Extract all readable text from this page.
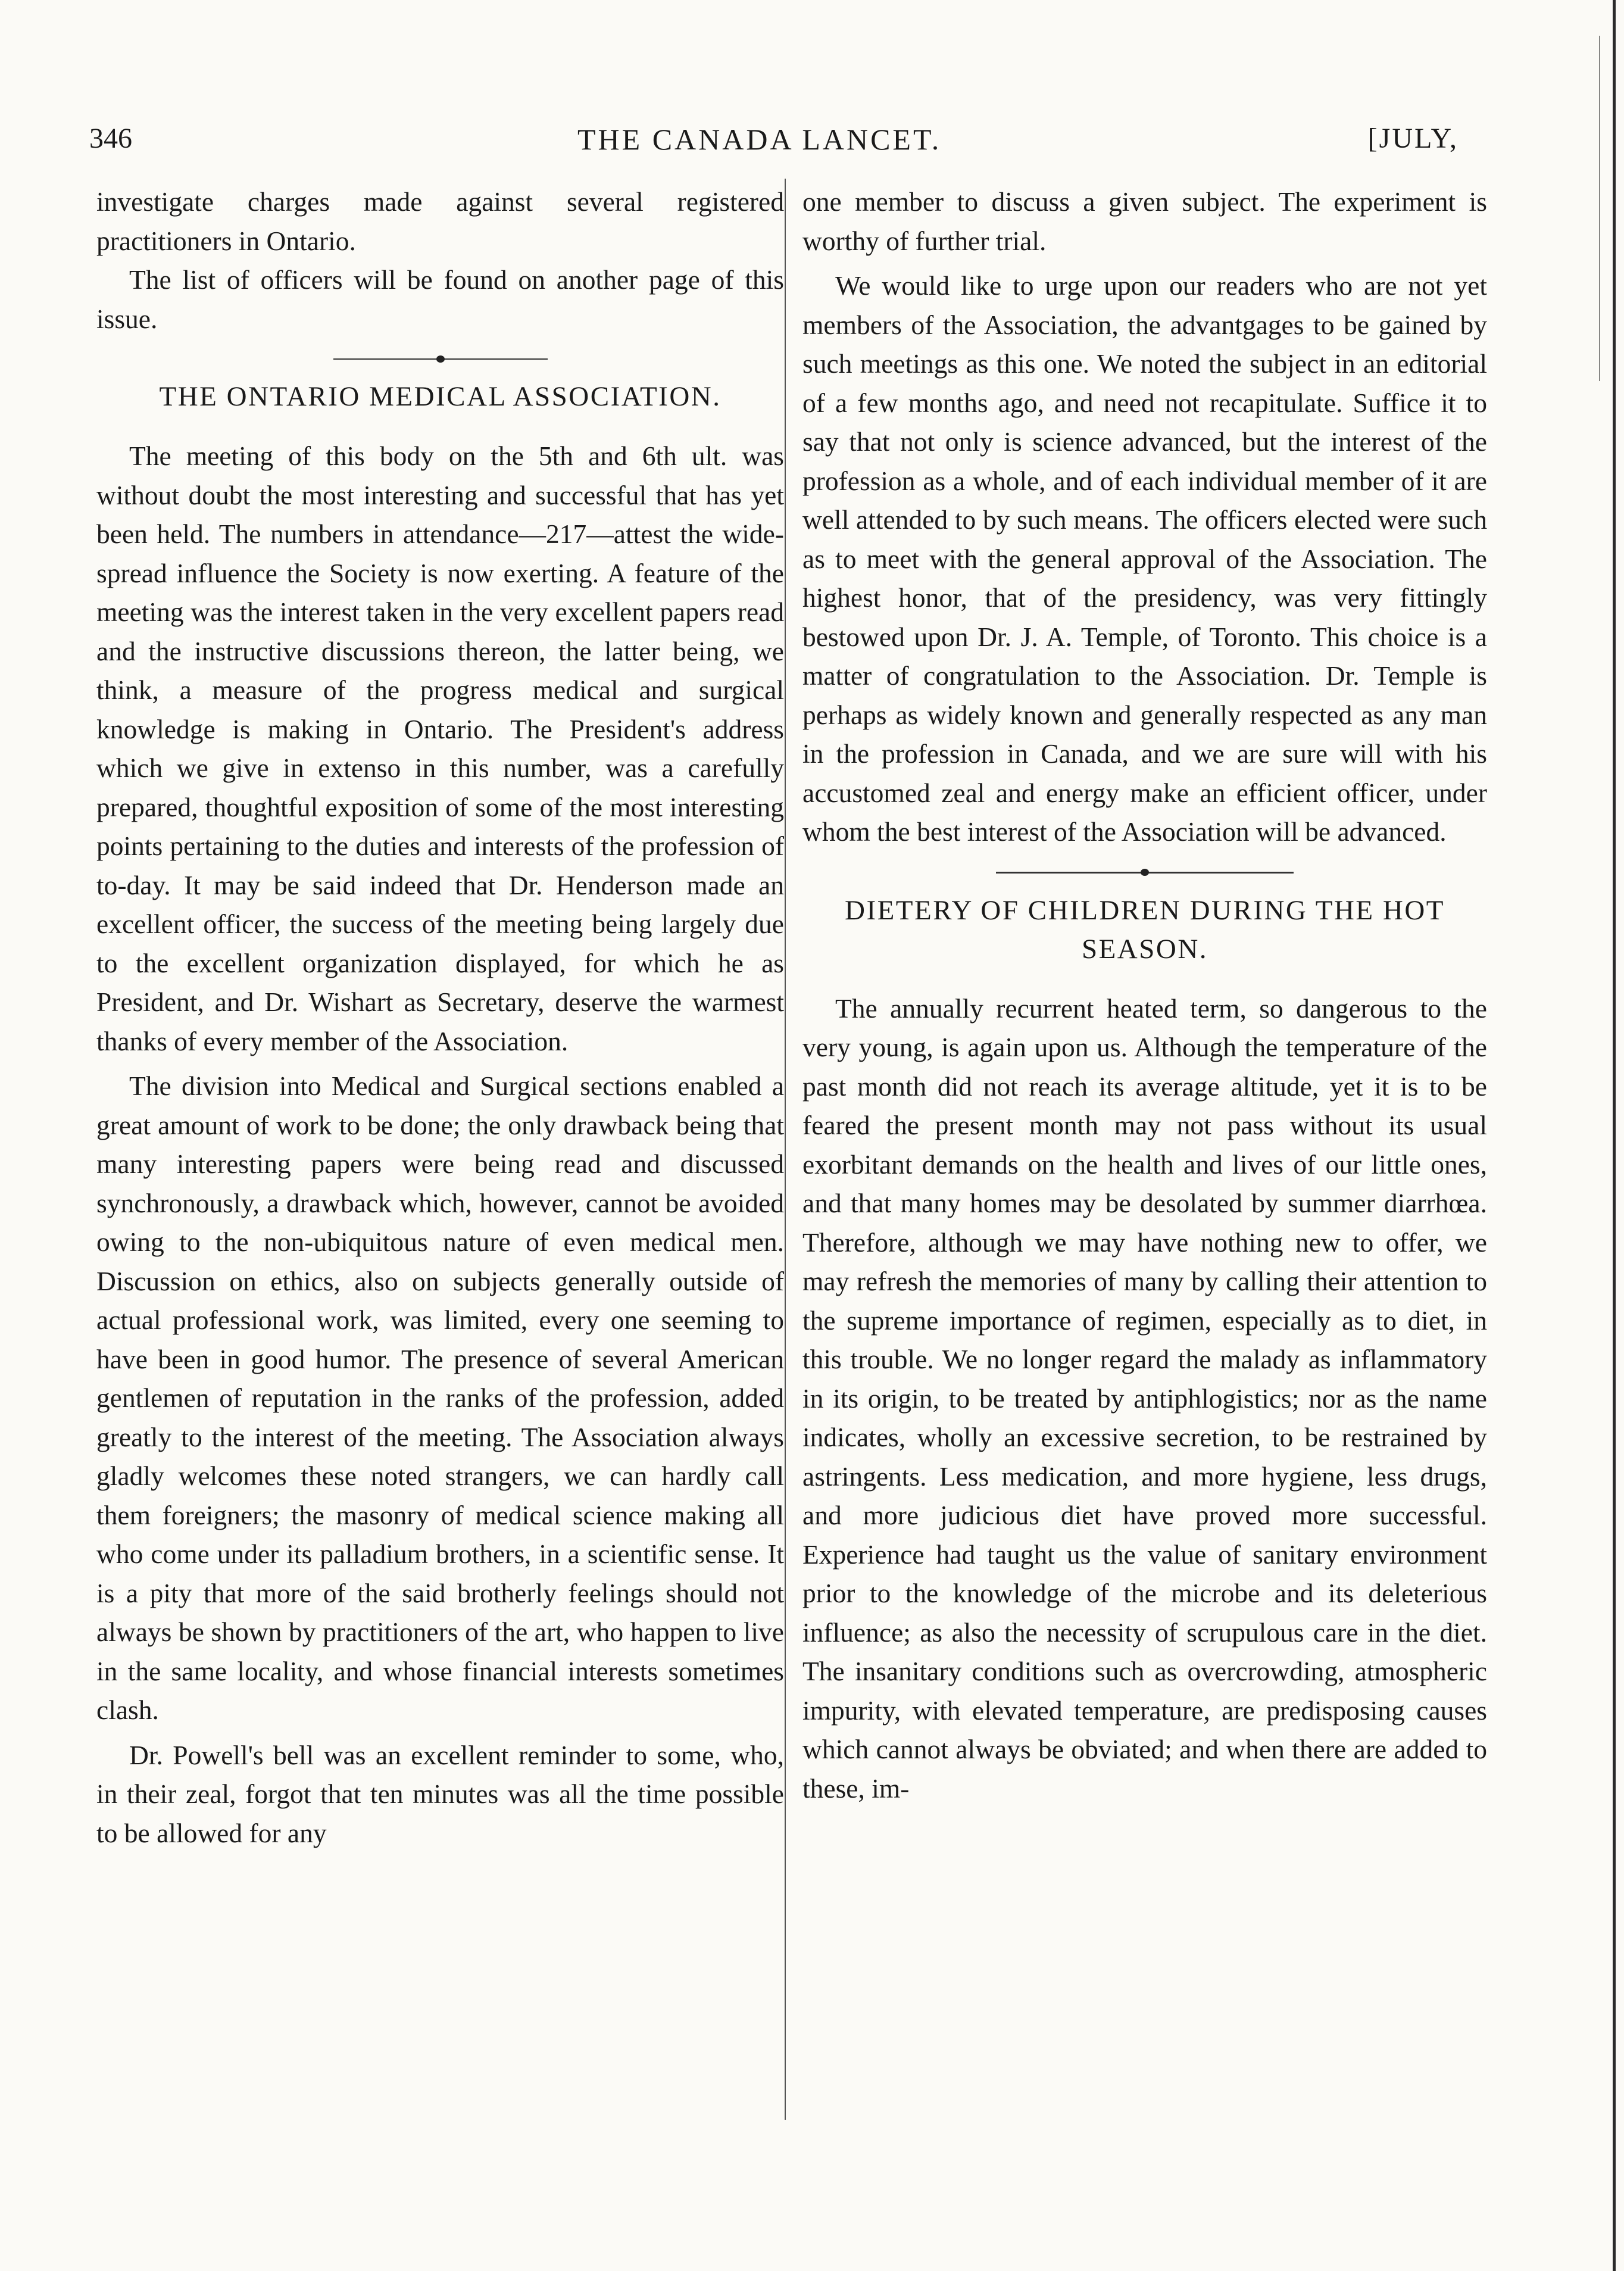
346	THE CANADA LANCET.	[JULY,

investigate charges made against several registered practitioners in Ontario.

The list of officers will be found on another page of this issue.

THE ONTARIO MEDICAL ASSOCIATION.

The meeting of this body on the 5th and 6th ult. was without doubt the most interesting and successful that has yet been held. The numbers in attendance—217—attest the wide-spread influence the Society is now exerting. A feature of the meeting was the interest taken in the very excellent papers read and the instructive discussions thereon, the latter being, we think, a measure of the progress medical and surgical knowledge is making in Ontario. The President's address which we give in extenso in this number, was a carefully prepared, thoughtful exposition of some of the most interesting points pertaining to the duties and interests of the profession of to-day. It may be said indeed that Dr. Henderson made an excellent officer, the success of the meeting being largely due to the excellent organization displayed, for which he as President, and Dr. Wishart as Secretary, deserve the warmest thanks of every member of the Association.

The division into Medical and Surgical sections enabled a great amount of work to be done; the only drawback being that many interesting papers were being read and discussed synchronously, a drawback which, however, cannot be avoided owing to the non-ubiquitous nature of even medical men. Discussion on ethics, also on subjects generally outside of actual professional work, was limited, every one seeming to have been in good humor. The presence of several American gentlemen of reputation in the ranks of the profession, added greatly to the interest of the meeting. The Association always gladly welcomes these noted strangers, we can hardly call them foreigners; the masonry of medical science making all who come under its palladium brothers, in a scientific sense. It is a pity that more of the said brotherly feelings should not always be shown by practitioners of the art, who happen to live in the same locality, and whose financial interests sometimes clash.

Dr. Powell's bell was an excellent reminder to some, who, in their zeal, forgot that ten minutes was all the time possible to be allowed for any

one member to discuss a given subject. The experiment is worthy of further trial.

We would like to urge upon our readers who are not yet members of the Association, the advantgages to be gained by such meetings as this one. We noted the subject in an editorial of a few months ago, and need not recapitulate. Suffice it to say that not only is science advanced, but the interest of the profession as a whole, and of each individual member of it are well attended to by such means. The officers elected were such as to meet with the general approval of the Association. The highest honor, that of the presidency, was very fittingly bestowed upon Dr. J. A. Temple, of Toronto. This choice is a matter of congratulation to the Association. Dr. Temple is perhaps as widely known and generally respected as any man in the profession in Canada, and we are sure will with his accustomed zeal and energy make an efficient officer, under whom the best interest of the Association will be advanced.

DIETERY OF CHILDREN DURING THE HOT SEASON.

The annually recurrent heated term, so dangerous to the very young, is again upon us. Although the temperature of the past month did not reach its average altitude, yet it is to be feared the present month may not pass without its usual exorbitant demands on the health and lives of our little ones, and that many homes may be desolated by summer diarrhœa. Therefore, although we may have nothing new to offer, we may refresh the memories of many by calling their attention to the supreme importance of regimen, especially as to diet, in this trouble. We no longer regard the malady as inflammatory in its origin, to be treated by antiphlogistics; nor as the name indicates, wholly an excessive secretion, to be restrained by astringents. Less medication, and more hygiene, less drugs, and more judicious diet have proved more successful. Experience had taught us the value of sanitary environment prior to the knowledge of the microbe and its deleterious influence; as also the necessity of scrupulous care in the diet. The insanitary conditions such as overcrowding, atmospheric impurity, with elevated temperature, are predisposing causes which cannot always be obviated; and when there are added to these, im-
